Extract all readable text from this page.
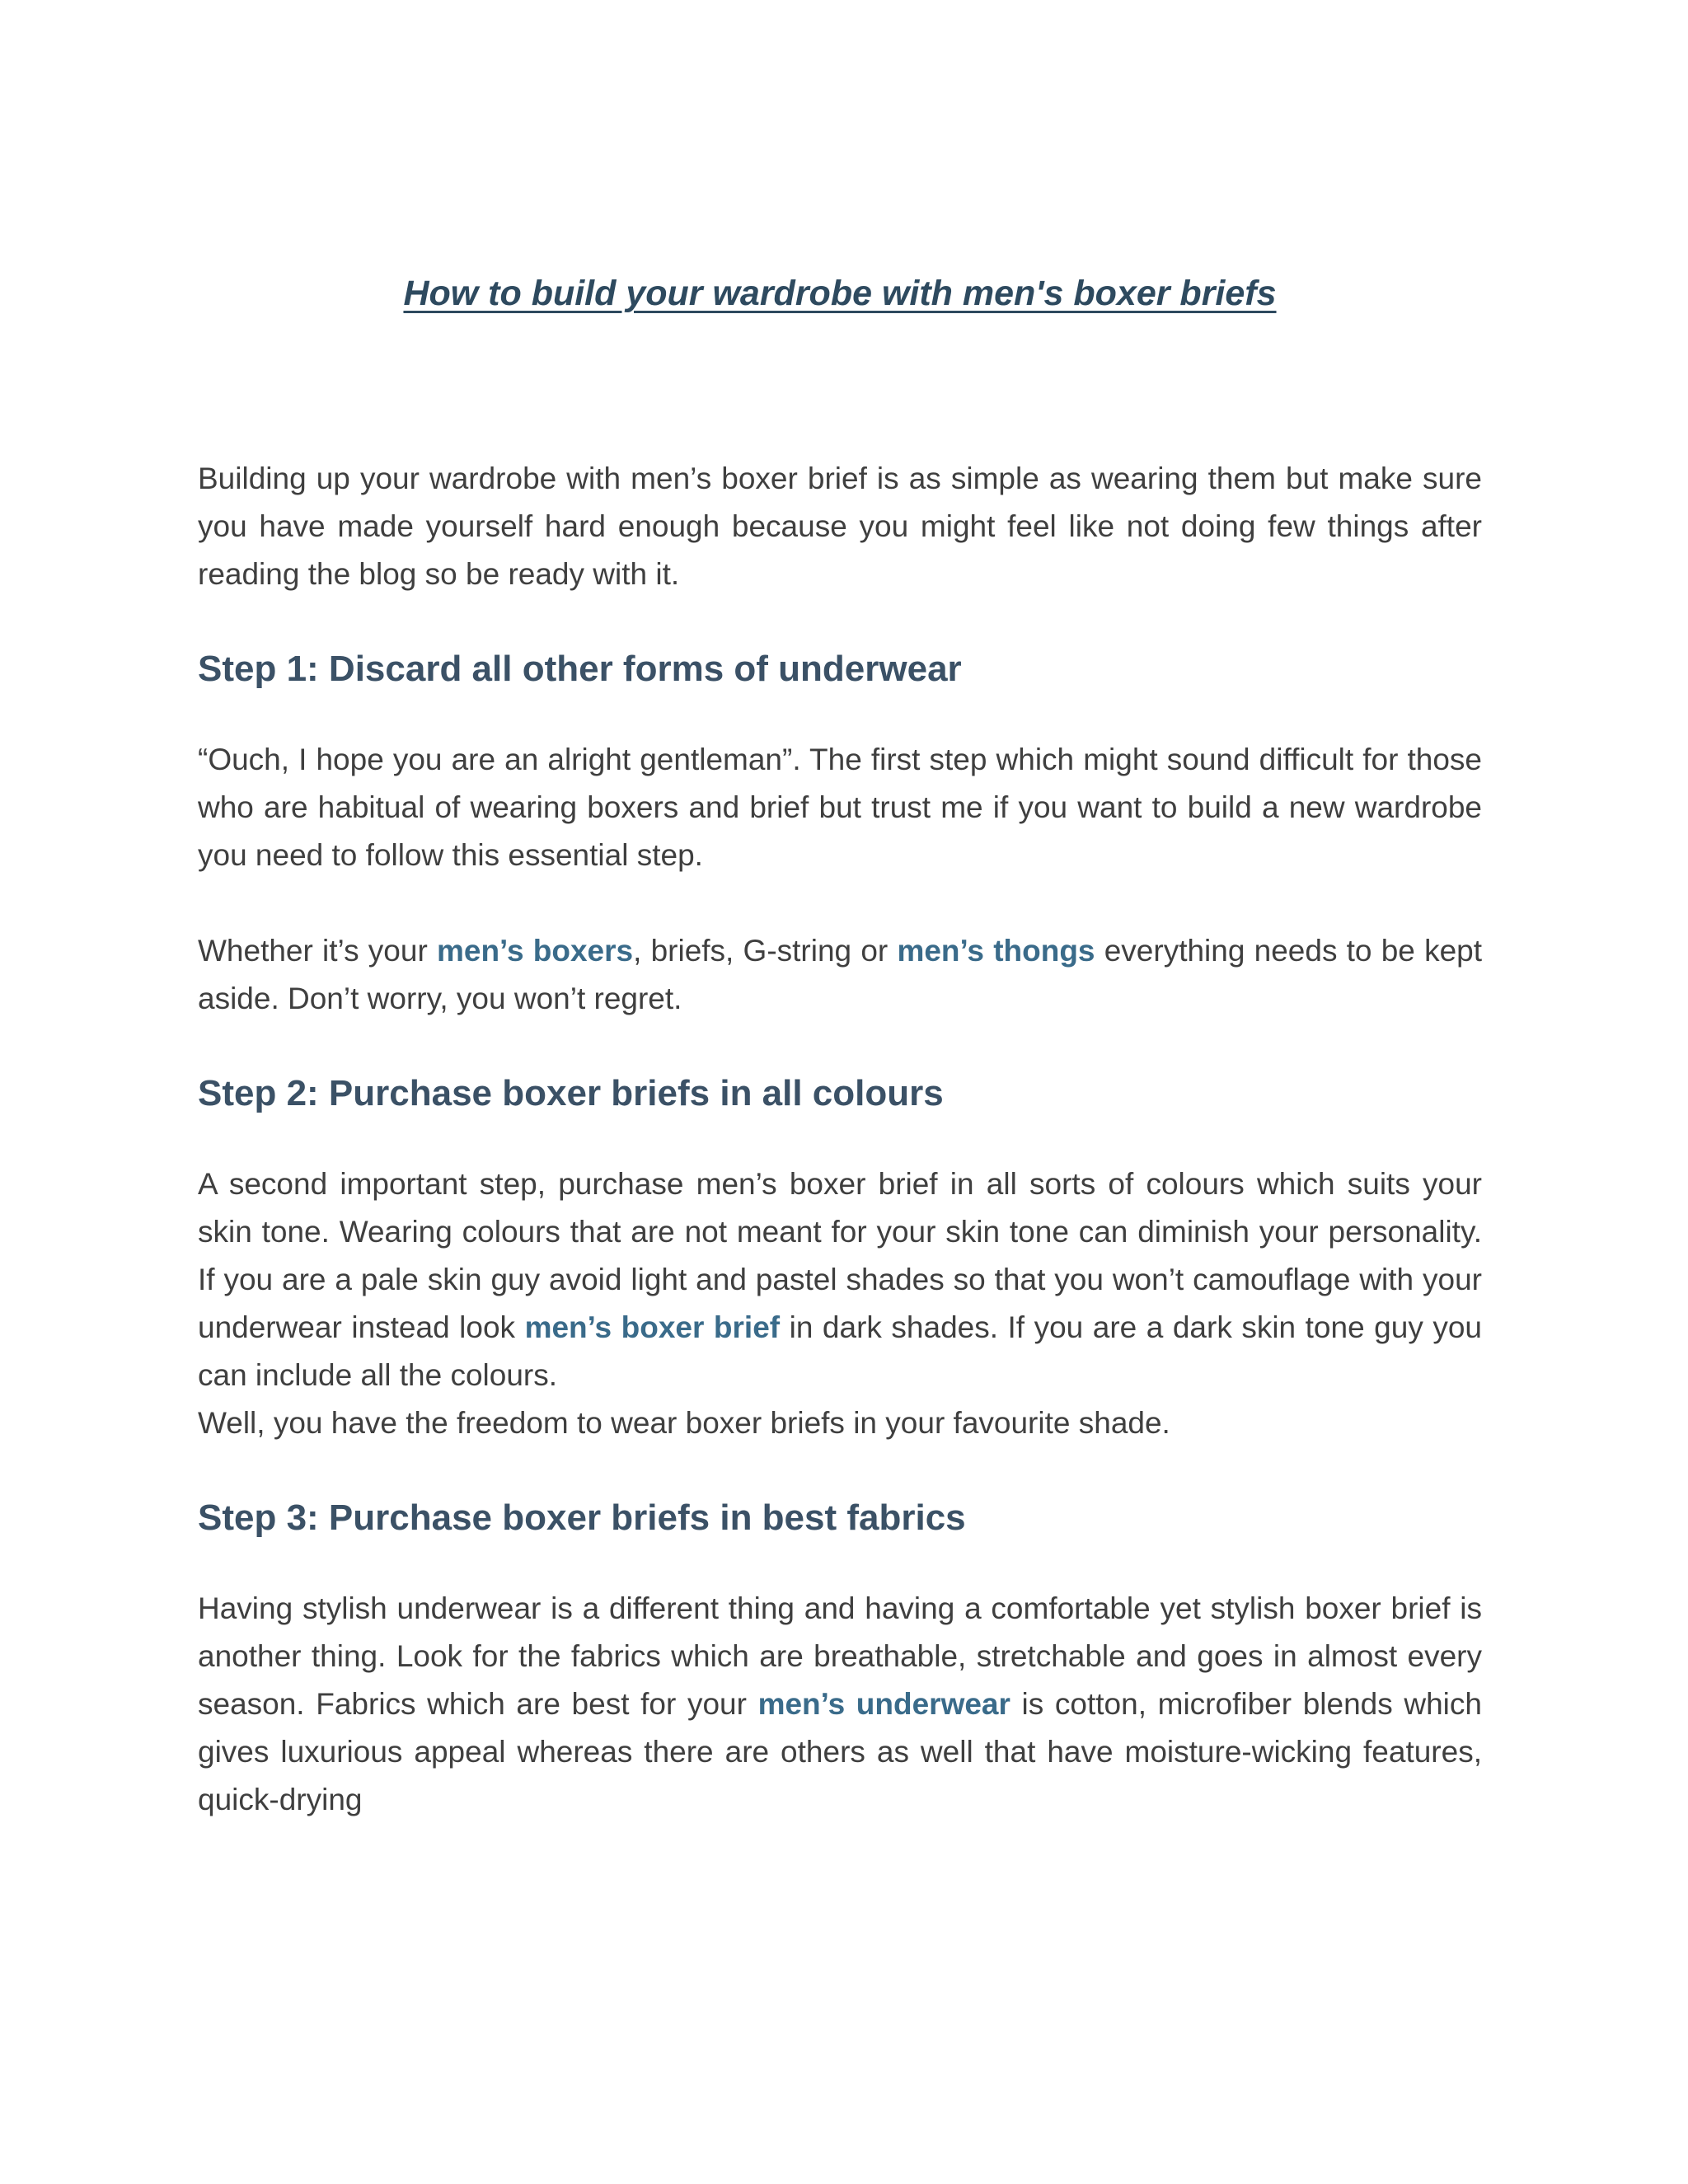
How to build your wardrobe with men's boxer briefs

Building up your wardrobe with men’s boxer brief is as simple as wearing them but make sure you have made yourself hard enough because you might feel like not doing few things after reading the blog so be ready with it.

Step 1: Discard all other forms of underwear

“Ouch, I hope you are an alright gentleman”. The first step which might sound difficult for those who are habitual of wearing boxers and brief but trust me if you want to build a new wardrobe you need to follow this essential step.

Whether it’s your men’s boxers, briefs, G-string or men’s thongs everything needs to be kept aside. Don’t worry, you won’t regret.

Step 2: Purchase boxer briefs in all colours

A second important step, purchase men’s boxer brief in all sorts of colours which suits your skin tone. Wearing colours that are not meant for your skin tone can diminish your personality. If you are a pale skin guy avoid light and pastel shades so that you won’t camouflage with your underwear instead look men’s boxer brief in dark shades. If you are a dark skin tone guy you can include all the colours.
Well, you have the freedom to wear boxer briefs in your favourite shade.

Step 3: Purchase boxer briefs in best fabrics

Having stylish underwear is a different thing and having a comfortable yet stylish boxer brief is another thing. Look for the fabrics which are breathable, stretchable and goes in almost every season. Fabrics which are best for your men’s underwear is cotton, microfiber blends which gives luxurious appeal whereas there are others as well that have moisture-wicking features, quick-drying
